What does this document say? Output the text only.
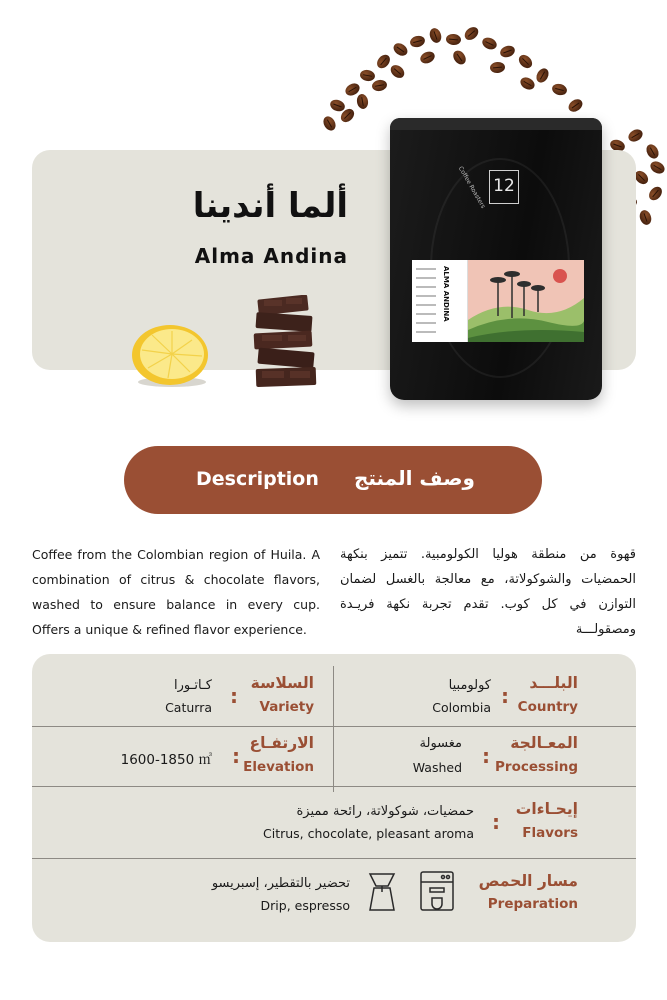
ألما أندينا
Alma Andina
Coffee Roasters 12
ALMA ANDINA
Description	وصف المنتج
Coffee from the Colombian region of Huila. A combination of citrus & chocolate flavors, washed to ensure balance in every cup. Offers a unique & refined flavor experience.
قهوة من منطقة هوليا الكولومبية. تتميز بنكهة الحمضيات والشوكولاتة، مع معالجة بالغسل لضمان التوازن في كل كوب. تقدم تجربة نكهة فريـدة ومصقولـــة
البلـــد
Country
:
كولومبيا
Colombia
السلاسة
Variety
:
كـاتـورا
Caturra
المعـالجة
Processing
:
مغسولة
Washed
الارتفـاع
Elevation
:
1600-1850 ㎥
إيحـاءات
Flavors
:
حمضيات، شوكولاتة، رائحة مميزة
Citrus, chocolate, pleasant aroma
مسار الحمص
Preparation
تحضير بالتقطير، إسبريسو
Drip, espresso
